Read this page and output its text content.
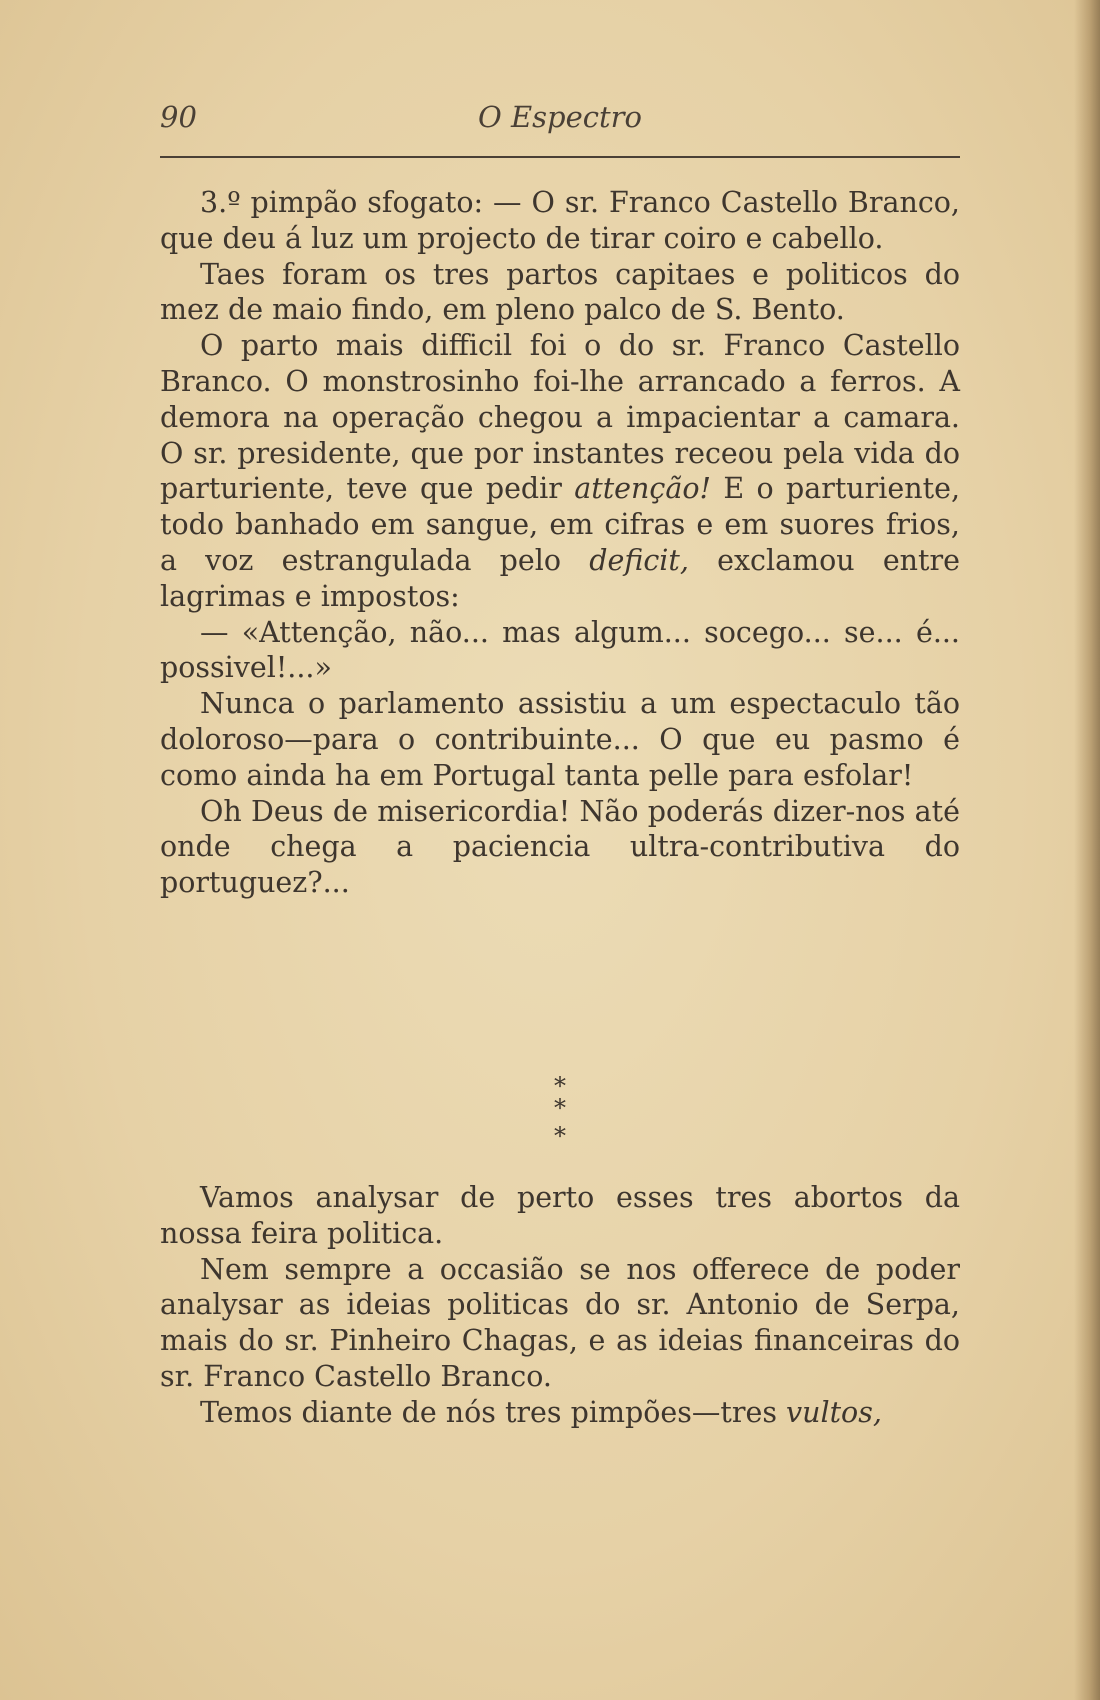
90	O Espectro

3.º pimpão sfogato: — O sr. Franco Castello Branco, que deu á luz um projecto de tirar coiro e cabello.

Taes foram os tres partos capitaes e politicos do mez de maio findo, em pleno palco de S. Bento.

O parto mais difficil foi o do sr. Franco Castello Branco. O monstrosinho foi-lhe arrancado a ferros. A demora na operação chegou a impacientar a camara. O sr. presidente, que por instantes receou pela vida do parturiente, teve que pedir attenção! E o parturiente, todo banhado em sangue, em cifras e em suores frios, a voz estrangulada pelo deficit, exclamou entre lagrimas e impostos:

— «Attenção, não... mas algum... socego... se... é... possivel!...»

Nunca o parlamento assistiu a um espectaculo tão doloroso—para o contribuinte... O que eu pasmo é como ainda ha em Portugal tanta pelle para esfolar!

Oh Deus de misericordia! Não poderás dizer-nos até onde chega a paciencia ultra-contributiva do portuguez?...

*
* *

Vamos analysar de perto esses tres abortos da nossa feira politica.

Nem sempre a occasião se nos offerece de poder analysar as ideias politicas do sr. Antonio de Serpa, mais do sr. Pinheiro Chagas, e as ideias financeiras do sr. Franco Castello Branco.

Temos diante de nós tres pimpões—tres vultos,
